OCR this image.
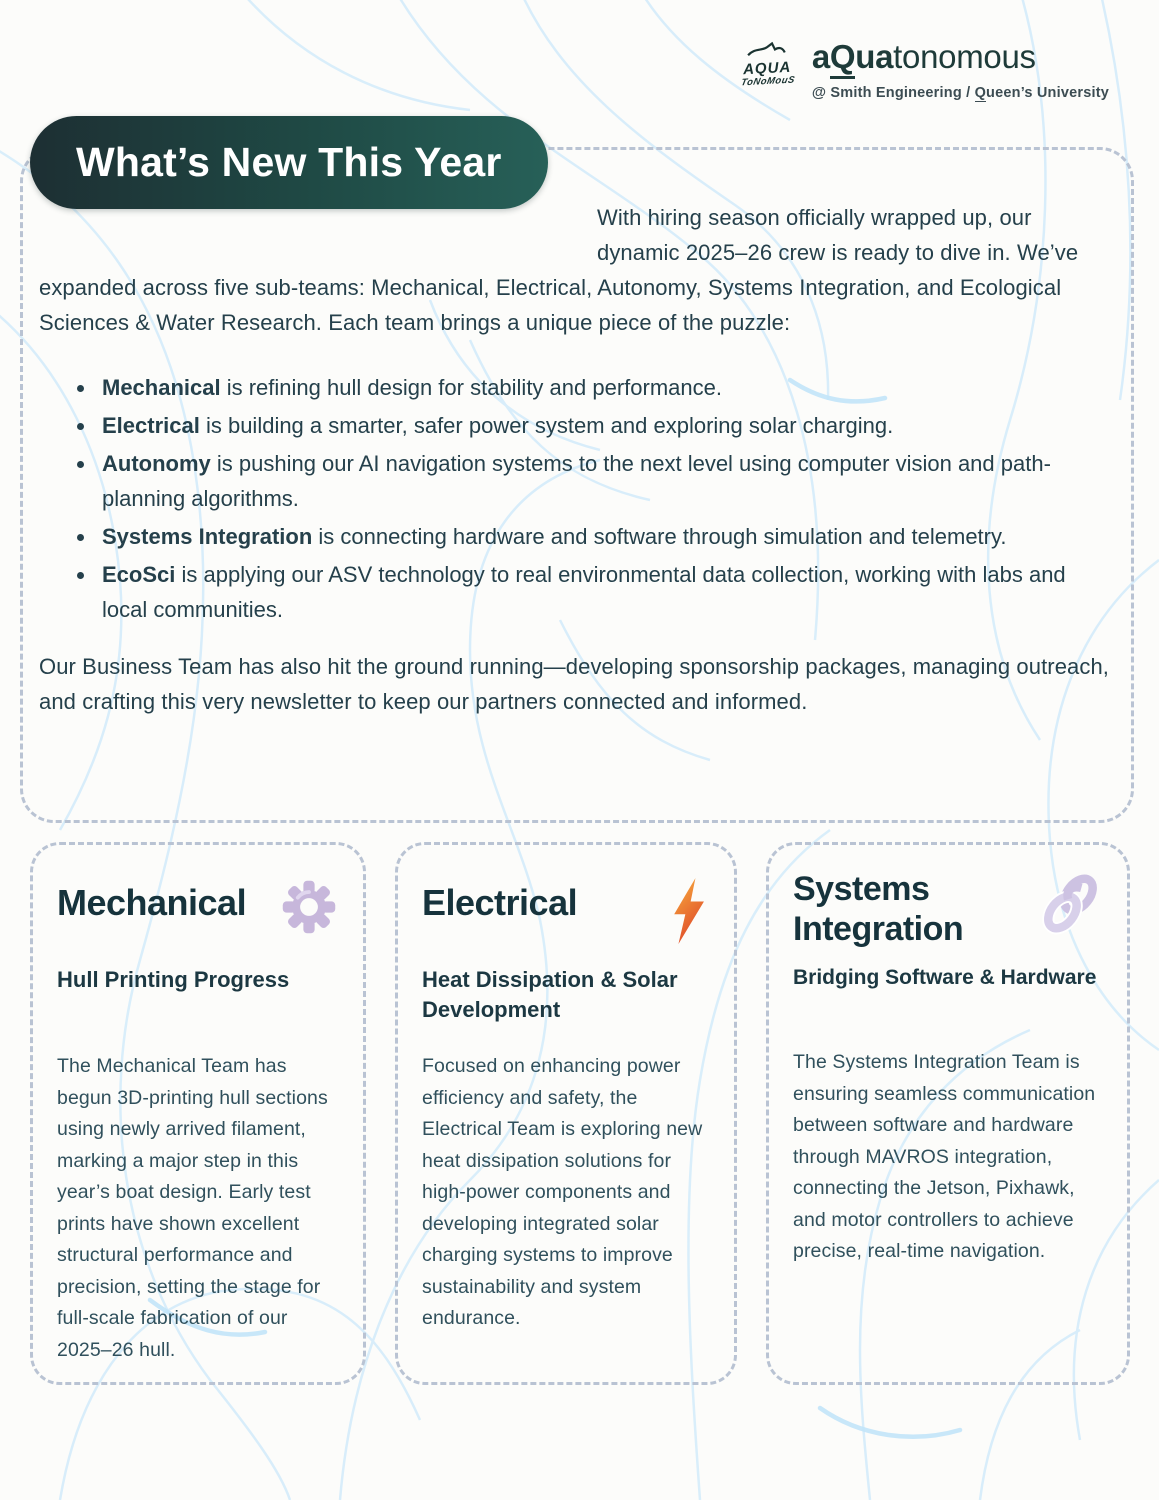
AQUA
ToNoMouS
aQuatonomous
@ Smith Engineering / Queen’s University
What’s New This Year

With hiring season officially wrapped up, our dynamic 2025–26 crew is ready to dive in. We’ve expanded across five sub-teams: Mechanical, Electrical, Autonomy, Systems Integration, and Ecological Sciences & Water Research. Each team brings a unique piece of the puzzle:

• Mechanical is refining hull design for stability and performance.
• Electrical is building a smarter, safer power system and exploring solar charging.
• Autonomy is pushing our AI navigation systems to the next level using computer vision and path-planning algorithms.
• Systems Integration is connecting hardware and software through simulation and telemetry.
• EcoSci is applying our ASV technology to real environmental data collection, working with labs and local communities.

Our Business Team has also hit the ground running—developing sponsorship packages, managing outreach, and crafting this very newsletter to keep our partners connected and informed.

Mechanical
Hull Printing Progress
The Mechanical Team has begun 3D-printing hull sections using newly arrived filament, marking a major step in this year’s boat design. Early test prints have shown excellent structural performance and precision, setting the stage for full-scale fabrication of our 2025–26 hull.
Electrical
Heat Dissipation & Solar Development
Focused on enhancing power efficiency and safety, the Electrical Team is exploring new heat dissipation solutions for high-power components and developing integrated solar charging systems to improve sustainability and system endurance.
Systems Integration
Bridging Software & Hardware
The Systems Integration Team is ensuring seamless communication between software and hardware through MAVROS integration, connecting the Jetson, Pixhawk, and motor controllers to achieve precise, real-time navigation.
